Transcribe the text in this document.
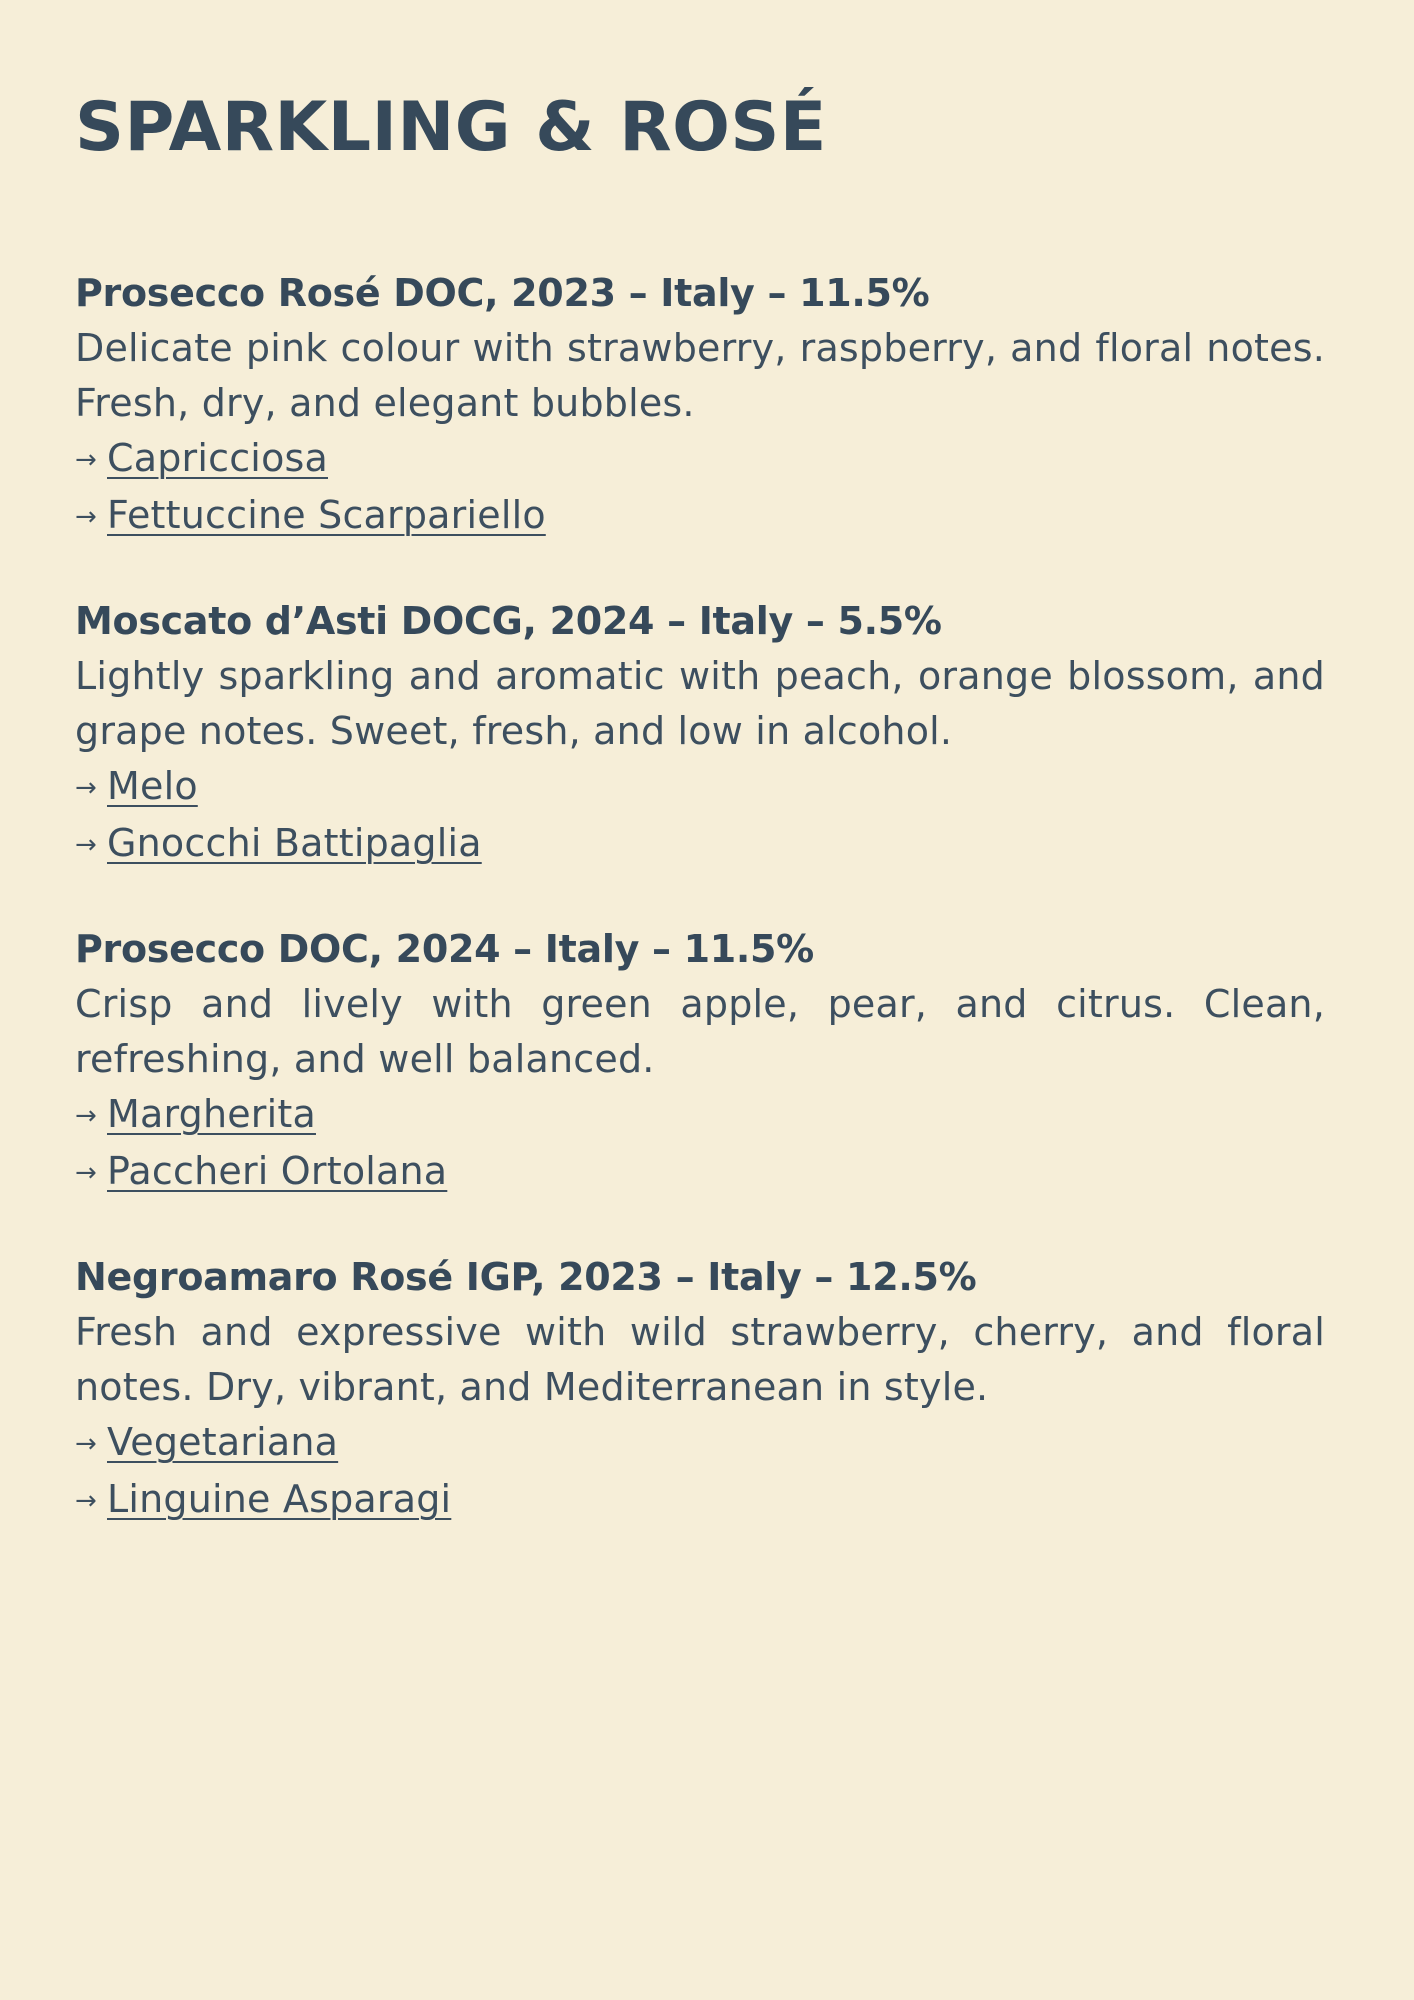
SPARKLING & ROSÉ
Prosecco Rosé DOC, 2023 – Italy – 11.5%

Delicate pink colour with strawberry, raspberry, and floral notes. Fresh, dry, and elegant bubbles.

→ Capricciosa
→ Fettuccine Scarpariello
Moscato d’Asti DOCG, 2024 – Italy – 5.5%

Lightly sparkling and aromatic with peach, orange blossom, and grape notes. Sweet, fresh, and low in alcohol.

→ Melo
→ Gnocchi Battipaglia
Prosecco DOC, 2024 – Italy – 11.5%

Crisp and lively with green apple, pear, and citrus. Clean, refreshing, and well balanced.

→ Margherita
→ Paccheri Ortolana
Negroamaro Rosé IGP, 2023 – Italy – 12.5%

Fresh and expressive with wild strawberry, cherry, and floral notes. Dry, vibrant, and Mediterranean in style.

→ Vegetariana
→ Linguine Asparagi
